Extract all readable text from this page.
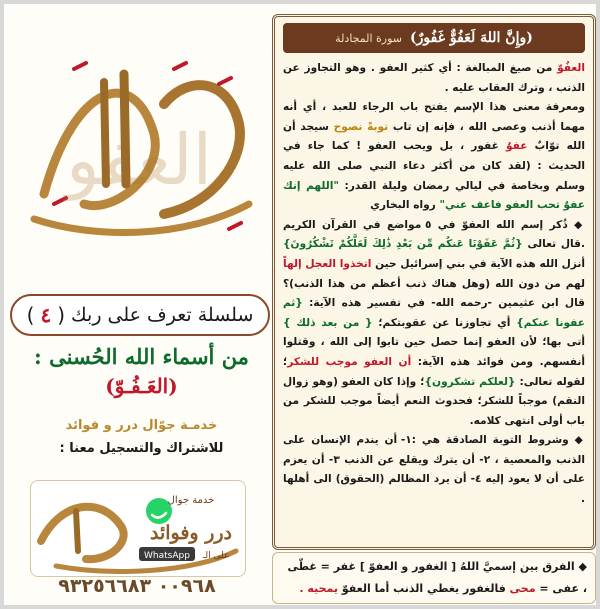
العفو
سلسلة تعرف على ربك
(
٤
)
من أسماء الله الحُسنى :
(العَـفُـوّ)
خدمـة جوّال درر و فوائد
للاشتراك والتسجيل معنا :
خدمة جوال
درر وفوائد
WhatsApp على الـ
٠٠٩٦٨ ٩٣٢٥٦٦٨٣
(وإِنَّ اللهَ لَعَفُوٌّ غَفُورٌ)
سورة المجادلة

العفُوّ من صيغ المبالغة : أي كثير العفو . وهو التجاوز عن الذنب ، وترك العقاب عليه .

ومعرفة معنى هذا الإسم يفتح باب الرجاء للعبد ، أي أنه مهما أذنب وعصى الله ، فإنه إن تاب توبةً نصوح سيجد أن الله توّابٌ عفوٌ غفور ، بل ويحب العفو ! كما جاء في الحديث : (لقد كان من أكثر دعاء النبي صلى الله عليه وسلم وبخاصة في ليالي رمضان وليلة القدر: "اللهم إنك عفوٌ تحب العفو فاعف عني" رواه البخاري

◆ ذُكر إسم الله العفوّ في ٥ مواضع في القرآن الكريم .قال تعالى {ثُمَّ عَفَوْنَا عَنكُم مِّن بَعْدِ ذَٰلِكَ لَعَلَّكُمْ تَشْكُرُونَ} أنزل الله هذه الآية في بني إسرائيل حين اتخذوا العجل إلهاً لهم من دون الله (وهل هناك ذنب أعظم من هذا الذنب)؟ قال ابن عثيمين -رحمه الله- في تفسير هذه الآية: {ثم عفونا عنكم} أي تجاوزنا عن عقوبتكم؛ { من بعد ذلك } أتى بها؛ لأن العفو إنما حصل حين تابوا إلى الله ، وقتلوا أنفسهم. ومن فوائد هذه الآية: أن العفو موجب للشكر؛ لقوله تعالى: {لعلكم تشكرون}؛ وإذا كان العفو (وهو زوال النقم) موجباً للشكر؛ فحدوث النعم أيضاً موجب للشكر من باب أولى انتهى كلامه.

◆ وشروط التوبة الصادقة هي :١- أن يندم الإنسان على الذنب والمعصية ، ٢- أن يترك ويقلع عن الذنب ٣- أن يعزم على أن لا يعود إليه ٤- أن يرد المظالم (الحقوق) الى أهلها .

◆ الفرق بين إسميَّ اللهُ [ الغفور و العفوّ ] غفر = غطّى ، عفى = محى فالغفور يغطي الذنب أما العفوّ يمحيه .
